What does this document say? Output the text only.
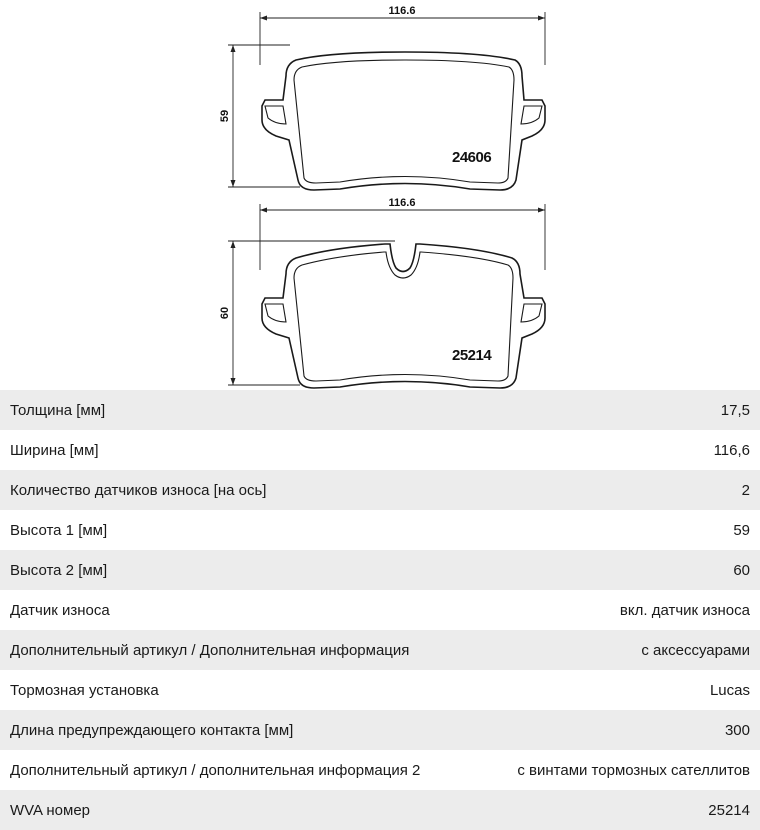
116.6
59
24606
116.6
60
25214
Толщина [мм]	17,5
Ширина [мм]	116,6
Количество датчиков износа [на ось]	2
Высота 1 [мм]	59
Высота 2 [мм]	60
Датчик износа	вкл. датчик износа
Дополнительный артикул / Дополнительная информация	с аксессуарами
Тормозная установка	Lucas
Длина предупреждающего контакта [мм]	300
Дополнительный артикул / дополнительная информация 2	с винтами тормозных сателлитов
WVA номер	25214
